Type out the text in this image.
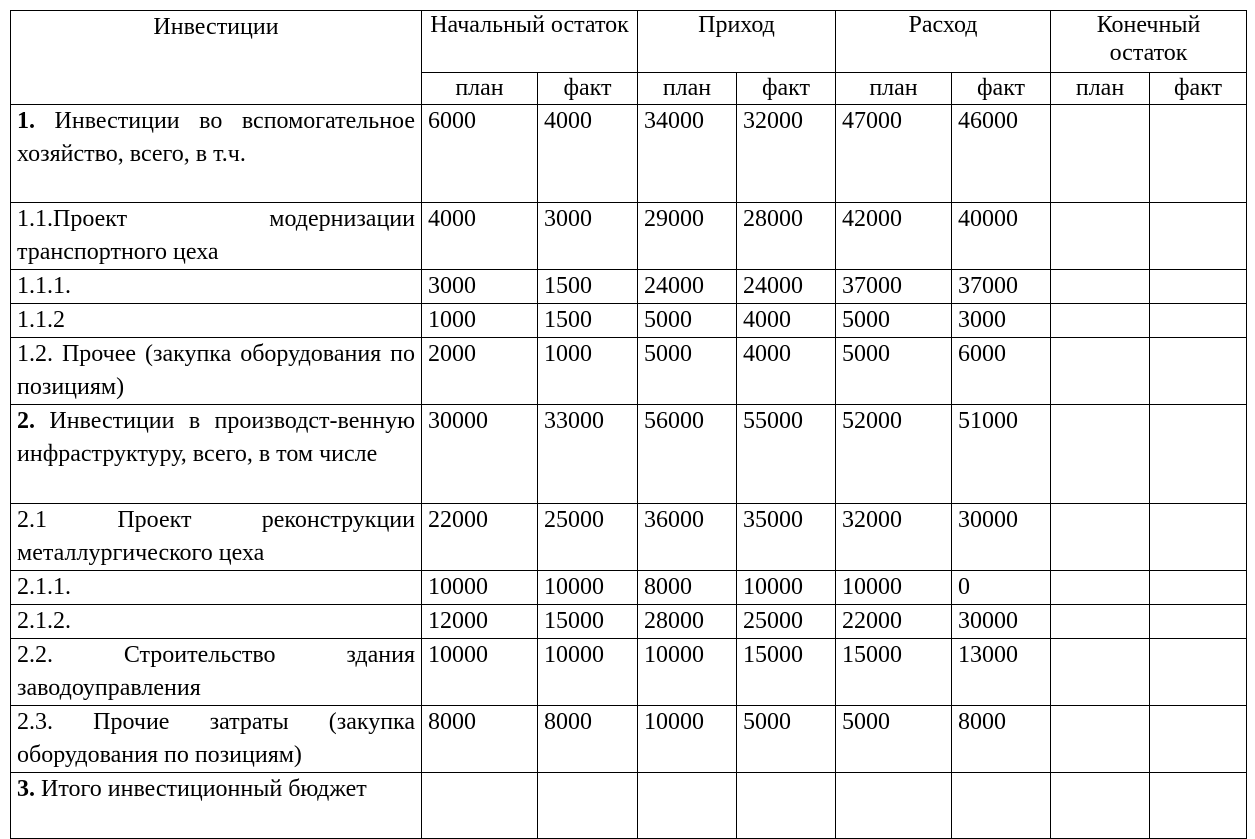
Инвестиции	Начальный остаток		Приход		Расход		Конечный остаток	
	план	факт	план	факт	план	факт	план	факт
1. Инвестиции во вспомогательное хозяйство, всего, в т.ч.	6000	4000	34000	32000	47000	46000		
1.1.Проект модернизации транспортного цеха	4000	3000	29000	28000	42000	40000		
1.1.1.	3000	1500	24000	24000	37000	37000		
1.1.2	1000	1500	5000	4000	5000	3000		
1.2. Прочее (закупка оборудования по позициям)	2000	1000	5000	4000	5000	6000		
2. Инвестиции в производст-венную инфраструктуру, всего, в том числе	30000	33000	56000	55000	52000	51000		
2.1 Проект реконструкции металлургического цеха	22000	25000	36000	35000	32000	30000		
2.1.1.	10000	10000	8000	10000	10000	0		
2.1.2.	12000	15000	28000	25000	22000	30000		
2.2. Строительство здания заводоуправления	10000	10000	10000	15000	15000	13000		
2.3. Прочие затраты (закупка оборудования по позициям)	8000	8000	10000	5000	5000	8000		
3. Итого инвестиционный бюджет								
